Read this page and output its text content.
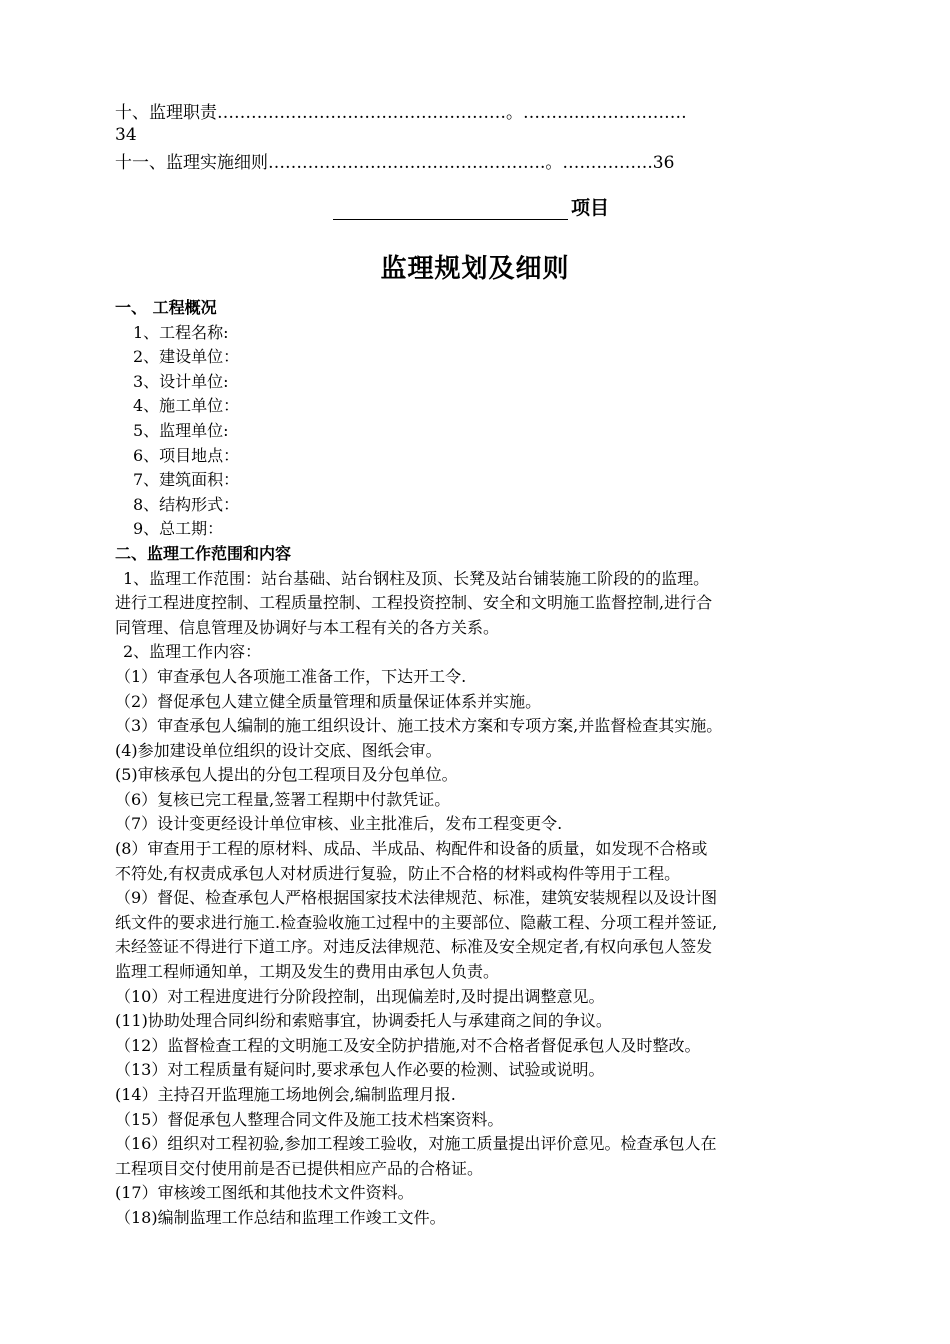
十、监理职责……………………………………………。………..………………
34
十一、监理实施细则………………………………………….。…………….36
项目
监理规划及细则

一、 工程概况

1、工程名称:

2、建设单位：

3、设计单位:

4、施工单位：

5、监理单位:

6、项目地点：

7、建筑面积：

8、结构形式：

9、总工期：

二、监理工作范围和内容

1、监理工作范围：站台基础、站台钢柱及顶、长凳及站台铺装施工阶段的的监理。

进行工程进度控制、工程质量控制、工程投资控制、安全和文明施工监督控制,进行合

同管理、信息管理及协调好与本工程有关的各方关系。

2、监理工作内容：

（1）审查承包人各项施工准备工作，下达开工令.

（2）督促承包人建立健全质量管理和质量保证体系并实施。

（3）审查承包人编制的施工组织设计、施工技术方案和专项方案,并监督检查其实施。

(4)参加建设单位组织的设计交底、图纸会审。

(5)审核承包人提出的分包工程项目及分包单位。

（6）复核已完工程量,签署工程期中付款凭证。

（7）设计变更经设计单位审核、业主批准后，发布工程变更令.

(8）审查用于工程的原材料、成品、半成品、构配件和设备的质量，如发现不合格或

不符处,有权责成承包人对材质进行复验，防止不合格的材料或构件等用于工程。

（9）督促、检查承包人严格根据国家技术法律规范、标准，建筑安装规程以及设计图

纸文件的要求进行施工.检查验收施工过程中的主要部位、隐蔽工程、分项工程并签证,

未经签证不得进行下道工序。对违反法律规范、标准及安全规定者,有权向承包人签发

监理工程师通知单，工期及发生的费用由承包人负责。

（10）对工程进度进行分阶段控制，出现偏差时,及时提出调整意见。

(11)协助处理合同纠纷和索赔事宜，协调委托人与承建商之间的争议。

（12）监督检查工程的文明施工及安全防护措施,对不合格者督促承包人及时整改。

（13）对工程质量有疑问时,要求承包人作必要的检测、试验或说明。

(14）主持召开监理施工场地例会,编制监理月报.

（15）督促承包人整理合同文件及施工技术档案资料。

（16）组织对工程初验,参加工程竣工验收，对施工质量提出评价意见。检查承包人在

工程项目交付使用前是否已提供相应产品的合格证。

(17）审核竣工图纸和其他技术文件资料。

（18)编制监理工作总结和监理工作竣工文件。
